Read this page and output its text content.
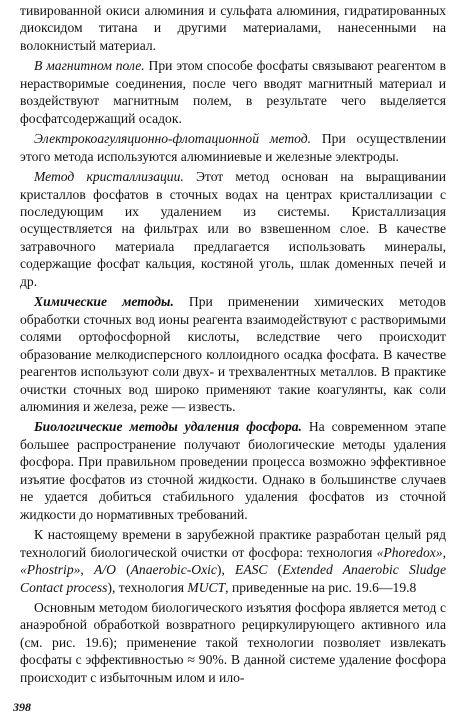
тивированной окиси алюминия и сульфата алюминия, гидратированных диоксидом титана и другими материалами, нанесенными на волокнистый материал.

В магнитном поле. При этом способе фосфаты связывают реагентом в нерастворимые соединения, после чего вводят магнитный материал и воздействуют магнитным полем, в результате чего выделяется фосфатсодержащий осадок.

Электрокоагуляционно-флотационной метод. При осуществлении этого метода используются алюминиевые и железные электроды.

Метод кристаллизации. Этот метод основан на выращивании кристаллов фосфатов в сточных водах на центрах кристаллизации с последующим их удалением из системы. Кристаллизация осуществляется на фильтрах или во взвешенном слое. В качестве затравочного материала предлагается использовать минералы, содержащие фосфат кальция, костяной уголь, шлак доменных печей и др.

Химические методы. При применении химических методов обработки сточных вод ионы реагента взаимодействуют с растворимыми солями ортофосфорной кислоты, вследствие чего происходит образование мелкодисперсного коллоидного осадка фосфата. В качестве реагентов используют соли двух- и трехвалентных металлов. В практике очистки сточных вод широко применяют такие коагулянты, как соли алюминия и железа, реже — известь.

Биологические методы удаления фосфора. На современном этапе большее распространение получают биологические методы удаления фосфора. При правильном проведении процесса возможно эффективное изъятие фосфатов из сточной жидкости. Однако в большинстве случаев не удается добиться стабильного удаления фосфатов из сточной жидкости до нормативных требований.

К настоящему времени в зарубежной практике разработан целый ряд технологий биологической очистки от фосфора: технология «Phoredox», «Phostrip», A/O (Anaerobic-Oxic), EASC (Extended Anaerobic Sludge Contact process), технология MUCT, приведенные на рис. 19.6—19.8

Основным методом биологического изъятия фосфора является метод с анаэробной обработкой возвратного рециркулирующего активного ила (см. рис. 19.6); применение такой технологии позволяет извлекать фосфаты с эффективностью ≈ 90%. В данной системе удаление фосфора происходит с избыточным илом и ило-

398
